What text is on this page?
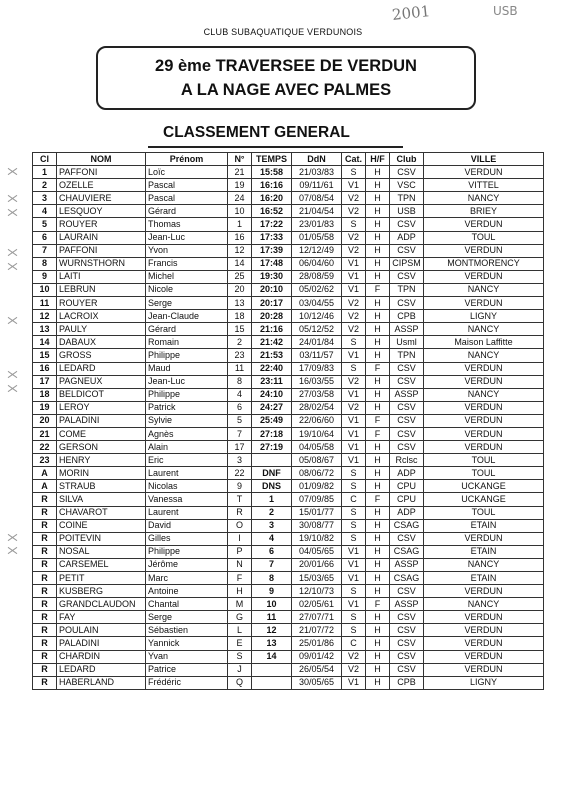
CLUB SUBAQUATIQUE VERDUNOIS
2001	USB
29 ème TRAVERSEE DE VERDUN
A LA NAGE AVEC PALMES
CLASSEMENT GENERAL
Cl	NOM	Prénom	N°	TEMPS	DdN	Cat.	H/F	Club	VILLE
1	PAFFONI	Loïc	21	15:58	21/03/83	S	H	CSV	VERDUN
2	OZELLE	Pascal	19	16:16	09/11/61	V1	H	VSC	VITTEL
3	CHAUVIERE	Pascal	24	16:20	07/08/54	V2	H	TPN	NANCY
4	LESQUOY	Gérard	10	16:52	21/04/54	V2	H	USB	BRIEY
5	ROUYER	Thomas	1	17:22	23/01/83	S	H	CSV	VERDUN
6	LAURAIN	Jean-Luc	16	17:33	01/05/58	V2	H	ADP	TOUL
7	PAFFONI	Yvon	12	17:39	12/12/49	V2	H	CSV	VERDUN
8	WURNSTHORN	Francis	14	17:48	06/04/60	V1	H	CIPSM	MONTMORENCY
9	LAITI	Michel	25	19:30	28/08/59	V1	H	CSV	VERDUN
10	LEBRUN	Nicole	20	20:10	05/02/62	V1	F	TPN	NANCY
11	ROUYER	Serge	13	20:17	03/04/55	V2	H	CSV	VERDUN
12	LACROIX	Jean-Claude	18	20:28	10/12/46	V2	H	CPB	LIGNY
13	PAULY	Gérard	15	21:16	05/12/52	V2	H	ASSP	NANCY
14	DABAUX	Romain	2	21:42	24/01/84	S	H	Usml	Maison Laffitte
15	GROSS	Philippe	23	21:53	03/11/57	V1	H	TPN	NANCY
16	LEDARD	Maud	11	22:40	17/09/83	S	F	CSV	VERDUN
17	PAGNEUX	Jean-Luc	8	23:11	16/03/55	V2	H	CSV	VERDUN
18	BELDICOT	Philippe	4	24:10	27/03/58	V1	H	ASSP	NANCY
19	LEROY	Patrick	6	24:27	28/02/54	V2	H	CSV	VERDUN
20	PALADINI	Sylvie	5	25:49	22/06/60	V1	F	CSV	VERDUN
21	COME	Agnès	7	27:18	19/10/64	V1	F	CSV	VERDUN
22	GERSON	Alain	17	27:19	04/05/58	V1	H	CSV	VERDUN
23	HENRY	Eric	3		05/08/67	V1	H	Rclsc	TOUL
A	MORIN	Laurent	22	DNF	08/06/72	S	H	ADP	TOUL
A	STRAUB	Nicolas	9	DNS	01/09/82	S	H	CPU	UCKANGE
R	SILVA	Vanessa	T	1	07/09/85	C	F	CPU	UCKANGE
R	CHAVAROT	Laurent	R	2	15/01/77	S	H	ADP	TOUL
R	COINE	David	O	3	30/08/77	S	H	CSAG	ETAIN
R	POITEVIN	Gilles	I	4	19/10/82	S	H	CSV	VERDUN
R	NOSAL	Philippe	P	6	04/05/65	V1	H	CSAG	ETAIN
R	CARSEMEL	Jérôme	N	7	20/01/66	V1	H	ASSP	NANCY
R	PETIT	Marc	F	8	15/03/65	V1	H	CSAG	ETAIN
R	KUSBERG	Antoine	H	9	12/10/73	S	H	CSV	VERDUN
R	GRANDCLAUDON	Chantal	M	10	02/05/61	V1	F	ASSP	NANCY
R	FAY	Serge	G	11	27/07/71	S	H	CSV	VERDUN
R	POULAIN	Sébastien	L	12	21/07/72	S	H	CSV	VERDUN
R	PALADINI	Yannick	E	13	25/01/86	C	H	CSV	VERDUN
R	CHARDIN	Yvan	S	14	09/01/42	V2	H	CSV	VERDUN
R	LEDARD	Patrice	J		26/05/54	V2	H	CSV	VERDUN
R	HABERLAND	Frédéric	Q		30/05/65	V1	H	CPB	LIGNY
